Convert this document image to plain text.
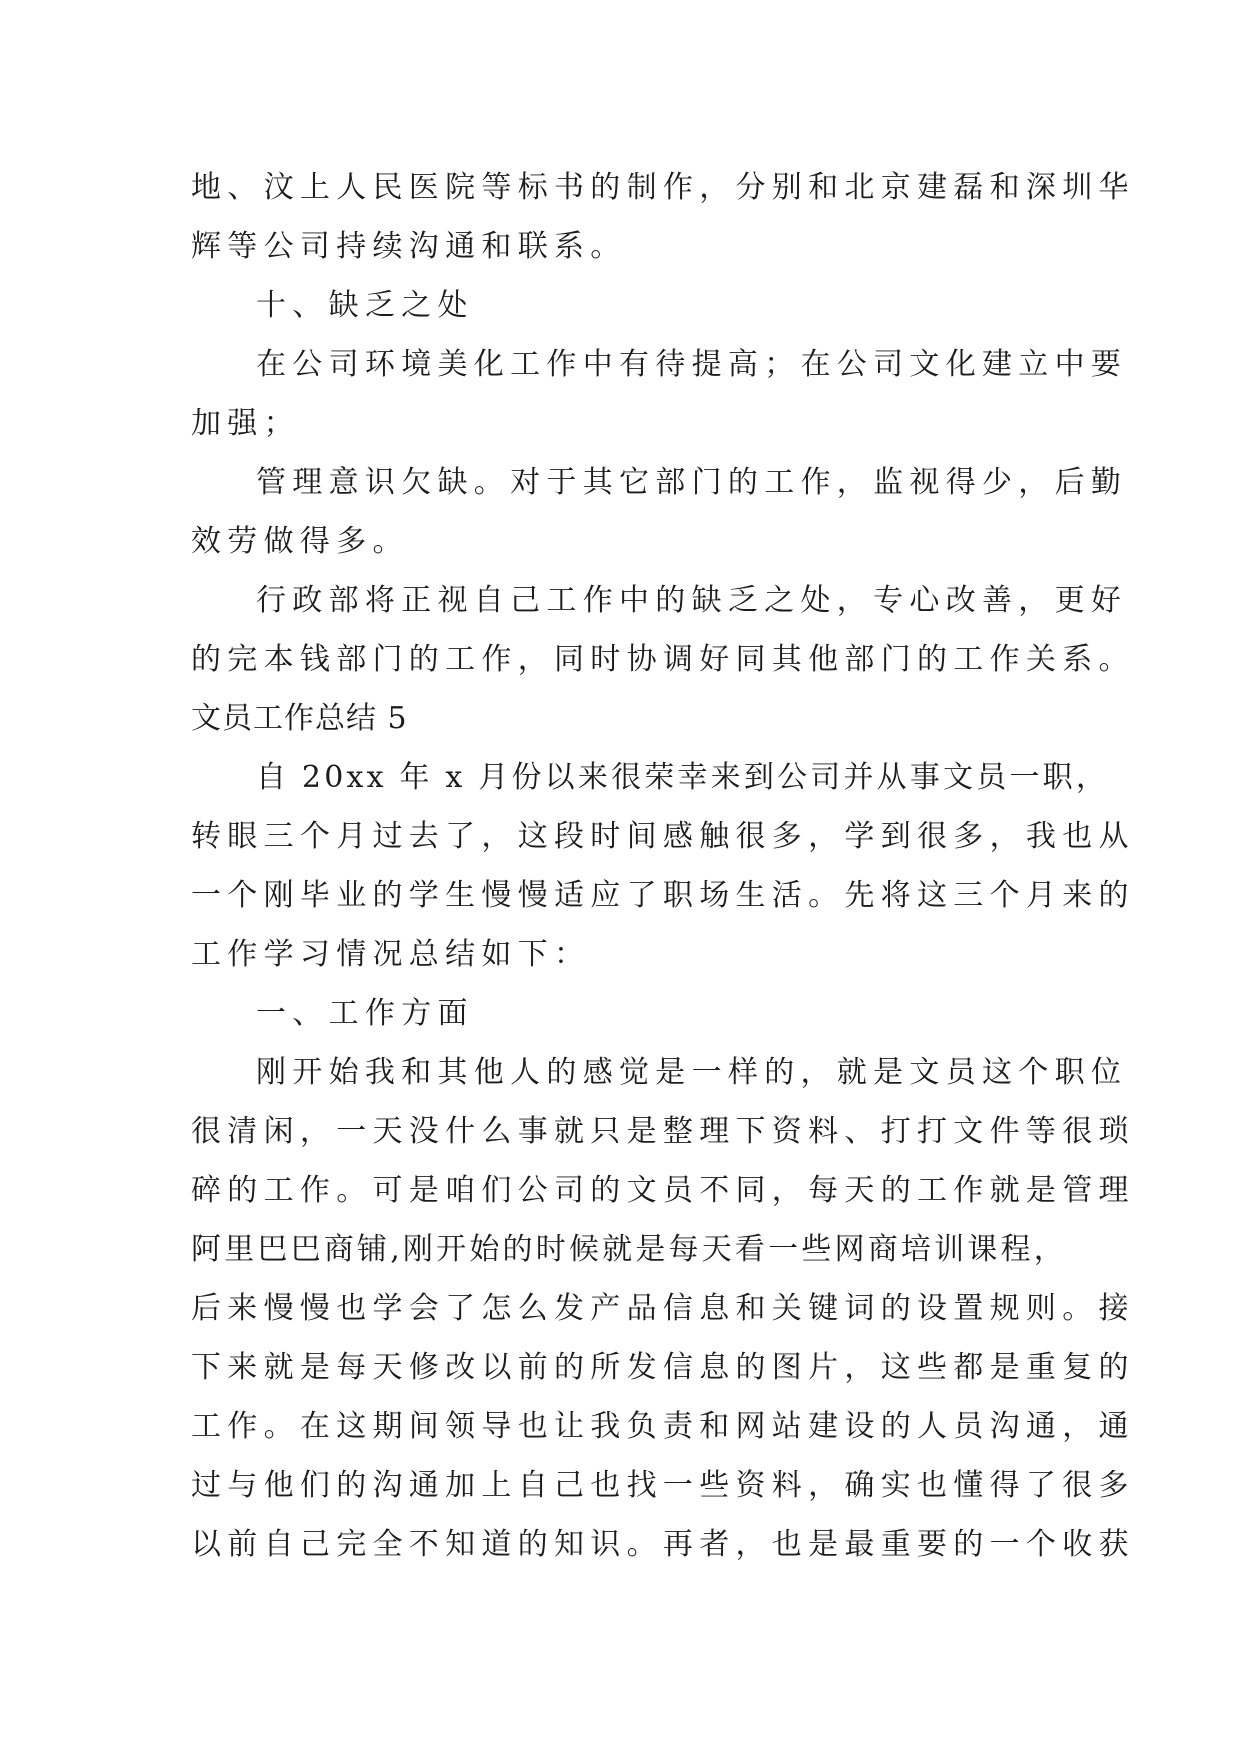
地、汶上人民医院等标书的制作，分别和北京建磊和深圳华
辉等公司持续沟通和联系。
十、缺乏之处
在公司环境美化工作中有待提高；在公司文化建立中要
加强；
管理意识欠缺。对于其它部门的工作，监视得少，后勤
效劳做得多。
行政部将正视自己工作中的缺乏之处，专心改善，更好
的完本钱部门的工作，同时协调好同其他部门的工作关系。
文员工作总结 5
自 20xx 年 x 月份以来很荣幸来到公司并从事文员一职，
转眼三个月过去了，这段时间感触很多，学到很多，我也从
一个刚毕业的学生慢慢适应了职场生活。先将这三个月来的
工作学习情况总结如下：
一、工作方面
刚开始我和其他人的感觉是一样的，就是文员这个职位
很清闲，一天没什么事就只是整理下资料、打打文件等很琐
碎的工作。可是咱们公司的文员不同，每天的工作就是管理
阿里巴巴商铺,刚开始的时候就是每天看一些网商培训课程，
后来慢慢也学会了怎么发产品信息和关键词的设置规则。接
下来就是每天修改以前的所发信息的图片，这些都是重复的
工作。在这期间领导也让我负责和网站建设的人员沟通，通
过与他们的沟通加上自己也找一些资料，确实也懂得了很多
以前自己完全不知道的知识。再者，也是最重要的一个收获
